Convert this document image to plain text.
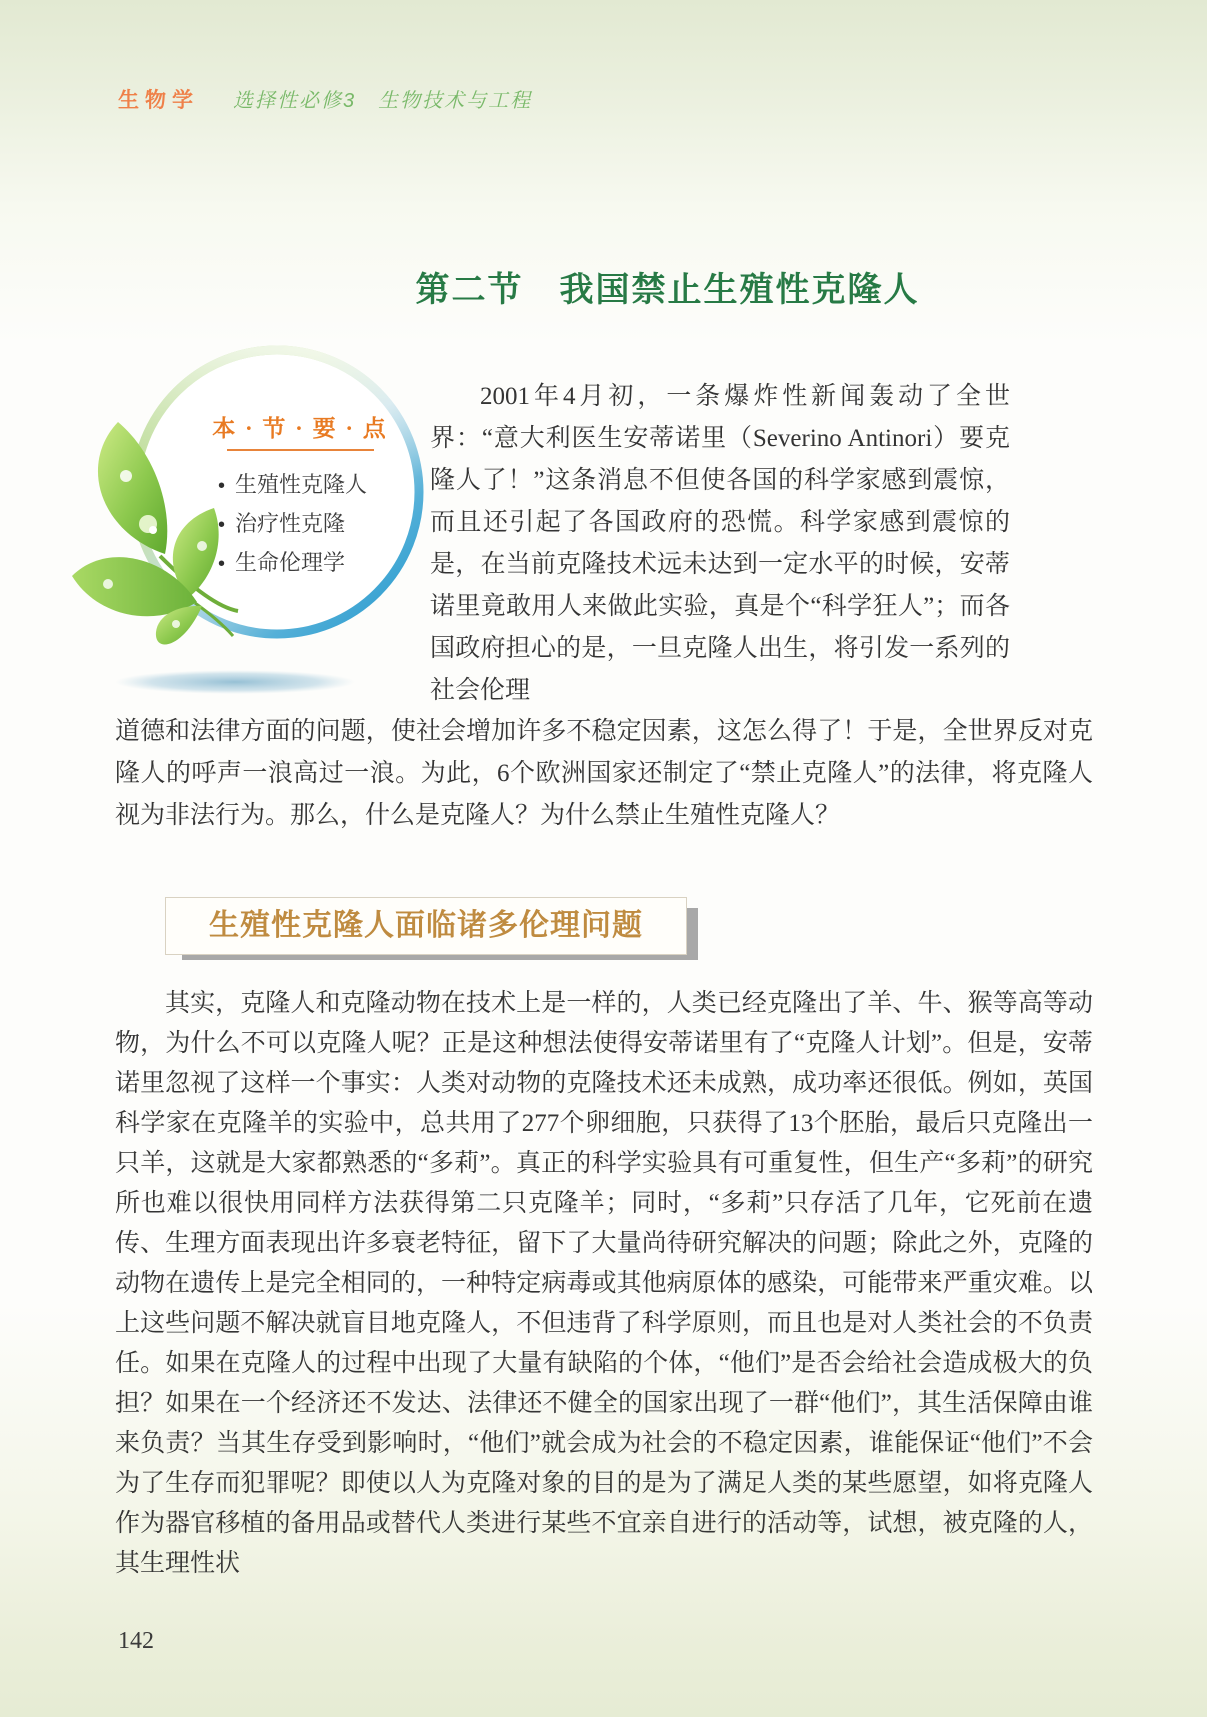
生物学 选择性必修3　生物技术与工程
第二节　我国禁止生殖性克隆人
本 · 节 · 要 · 点
• 生殖性克隆人
• 治疗性克隆
• 生命伦理学
2001年4月初，一条爆炸性新闻轰动了全世界：“意大利医生安蒂诺里（Severino Antinori）要克隆人了！”这条消息不但使各国的科学家感到震惊，而且还引起了各国政府的恐慌。科学家感到震惊的是，在当前克隆技术远未达到一定水平的时候，安蒂诺里竟敢用人来做此实验，真是个“科学狂人”；而各国政府担心的是，一旦克隆人出生，将引发一系列的社会伦理
道德和法律方面的问题，使社会增加许多不稳定因素，这怎么得了！于是，全世界反对克隆人的呼声一浪高过一浪。为此，6个欧洲国家还制定了“禁止克隆人”的法律，将克隆人视为非法行为。那么，什么是克隆人？为什么禁止生殖性克隆人？
生殖性克隆人面临诸多伦理问题
其实，克隆人和克隆动物在技术上是一样的，人类已经克隆出了羊、牛、猴等高等动物，为什么不可以克隆人呢？正是这种想法使得安蒂诺里有了“克隆人计划”。但是，安蒂诺里忽视了这样一个事实：人类对动物的克隆技术还未成熟，成功率还很低。例如，英国科学家在克隆羊的实验中，总共用了277个卵细胞，只获得了13个胚胎，最后只克隆出一只羊，这就是大家都熟悉的“多莉”。真正的科学实验具有可重复性，但生产“多莉”的研究所也难以很快用同样方法获得第二只克隆羊；同时，“多莉”只存活了几年，它死前在遗传、生理方面表现出许多衰老特征，留下了大量尚待研究解决的问题；除此之外，克隆的动物在遗传上是完全相同的，一种特定病毒或其他病原体的感染，可能带来严重灾难。以上这些问题不解决就盲目地克隆人，不但违背了科学原则，而且也是对人类社会的不负责任。如果在克隆人的过程中出现了大量有缺陷的个体，“他们”是否会给社会造成极大的负担？如果在一个经济还不发达、法律还不健全的国家出现了一群“他们”，其生活保障由谁来负责？当其生存受到影响时，“他们”就会成为社会的不稳定因素，谁能保证“他们”不会为了生存而犯罪呢？即使以人为克隆对象的目的是为了满足人类的某些愿望，如将克隆人作为器官移植的备用品或替代人类进行某些不宜亲自进行的活动等，试想，被克隆的人，其生理性状
142
